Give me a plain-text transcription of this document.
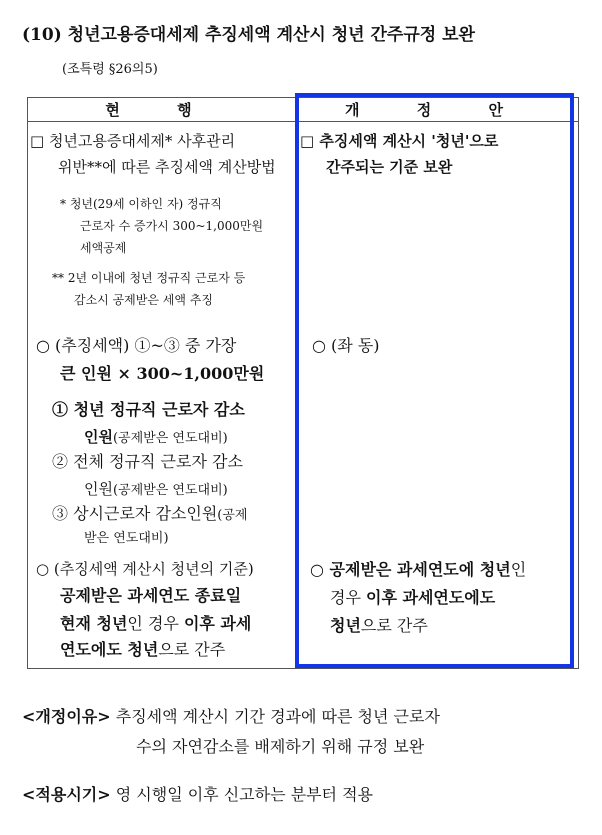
(10) 청년고용증대세제 추징세액 계산시 청년 간주규정 보완
(조특령 §26의5)
현 행	개 정 안
□ 청년고용증대세제* 사후관리
위반**에 따른 추징세액 계산방법
* 청년(29세 이하인 자) 정규직
근로자 수 증가시 300~1,000만원
세액공제
** 2년 이내에 청년 정규직 근로자 등
감소시 공제받은 세액 추징
○ (추징세액) ①~③ 중 가장
큰 인원 × 300~1,000만원
① 청년 정규직 근로자 감소
인원(공제받은 연도대비)
② 전체 정규직 근로자 감소
인원(공제받은 연도대비)
③ 상시근로자 감소인원(공제
받은 연도대비)
○ (추징세액 계산시 청년의 기준)
공제받은 과세연도 종료일
현재 청년인 경우 이후 과세
연도에도 청년으로 간주
□ 추징세액 계산시 '청년'으로
간주되는 기준 보완
○ (좌 동)
○ 공제받은 과세연도에 청년인
경우 이후 과세연도에도
청년으로 간주
<개정이유> 추징세액 계산시 기간 경과에 따른 청년 근로자
수의 자연감소를 배제하기 위해 규정 보완
<적용시기> 영 시행일 이후 신고하는 분부터 적용
